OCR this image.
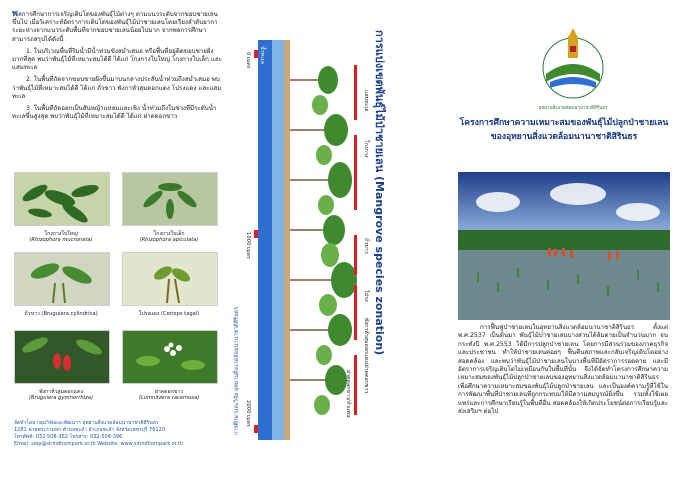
พลการศึกษาการเจริญเติบโตของพันธุ์ไม้ต่างๆ ตามแนวระดับจากขอบชายเลนขึ้นไป เมื่อวิเคราะห์อัตราการเติบโตของพันธุ์ไม้ป่าชายเลนโดยเรียงลำดับอาการะยะห่างจากแนวระดับพื้นที่จากขอบชายเลนน้อยไปมาก จากพลการศึกษาสามารถสรุปได้ดังนี้

1. ในบริเวณพื้นที่ริมน้ำมีน้ำท่วมขังสม่ำเสมอ หรือพื้นที่อยู่ติดขอบชายฝั่งมากที่สุด พบว่าพันธุ์ไม้ที่เหมาะสมได้ดี ได้แก่ โกงกางใบใหญ่ โกงกางใบเล็ก และแสมทะเล

2. ในพื้นที่ถัดจากขอบชายฝั่งขึ้นมาบนกลางประสันน้ำท่วมถึงสม่ำเสมอ พบว่าพันธุ์ไม้ที่เหมาะสมได้ดี ได้แก่ ถั่วขาว พังกาหัวสุมดอกแดง โปรงแดง และแสมทะเล

3. ในพื้นที่ถัดออกเป็นสันหญ้าแหลมและเชิง น้ำท่วมถึงในช่วงที่มีระดับน้ำทะเลขึ้นสูงสุด พบว่าพันธุ์ไม้ที่เหมาะสมได้ดี ได้แก่ ฝาดดอกขาว

โกงกางใบใหญ่
(Rhizophora mucronata)
โกงกางใบเล็ก
(Rhizophora apiculata)
ถั่วขาว (Bruguiera cylindrica)	โปรงแดง (Ceriops tagal)
พังกาหัวสุมดอกแดง
(Bruguiera gymnorrhiza)
ฝาดดอกขาว
(Lumnitzera racemosa)
จัดทำโดย กลุ่มวิจัยและพัฒนาฯ อุทยานสิ่งแวดล้อมนานาชาติสิรินธร
1281 ค่ายพระรามหก ตำบลชะอำ อำเภอชะอำ จังหวัดเพชรบุรี 76120
โทรศัพท์: 032-508-352 โทรสาร: 032-508-396
Email: siep@sirindhornpark.or.th Website: www.sirindhornpark.or.th
การแบ่งเขตพันธุ์ไม้ป่าชายเลน (Mangrove species zonation)
การศึกษาและวิจัย อุทยานสิ่งแวดล้อมนานาชาติสิรินธร
แสมทะเล
โกงกาง
ถั่วขาว
โปรง
พังกาหัวสุมดอกแดง/ฝาดดอกขาว
ฝาดดอกขาว/ลำแพน
0 เมตร
1000 เมตร
2000 เมตร
น้ำทะเล
อุทยานสิ่งแวดล้อมนานาชาติสิรินธร
โครงการศึกษาความเหมาะสมของพันธุ์ไม้ปลูกป่าชายเลน
ของอุทยานสิ่งแวดล้อมนานาชาติสิรินธร
การฟื้นฟูป่าชายเลนในอุทยานสิ่งแวดล้อมนานาชาติสิรินธร ตั้งแต่ พ.ศ.2537 เป็นต้นมา พันธุ์ไม้ป่าชายเลนบางส่วนได้ล้มตายเป็นจำนวนมาก จนกระทั่งปี พ.ศ.2553 ได้มีการปลูกป่าชายเลน โดยการมีส่วนร่วมของภาคธุรกิจและประชาชน ทำให้ป่าชายเลนค่อยๆ ฟื้นคืนสภาพและกลับเจริญเติบโตอย่างสอดคล้อง และพบว่าพันธุ์ไม้ป่าชายเลนในบางพื้นที่มีอัตราการรอดตาย และมีอัตราการเจริญเติบโตไม่เหมือนกันในพื้นที่นั้น จึงได้จัดทำโครงการศึกษาความเหมาะสมของพันธุ์ไม้ปลูกป่าชายเลนของอุทยานสิ่งแวดล้อมนานาชาติสิรินธร เพื่อศึกษาความเหมาะสมของพันธุ์ไม้ปลูกป่าชายเลน และเป็นองค์ความรู้ที่ใช้ในการพัฒนาพื้นที่ป่าชายเลนที่ถูกกระทบมให้มีความสมบูรณ์ยิ่งขึ้น รวมทั้งใช้เผยแพร่และการศึกษาเรียนรู้ในพื้นที่อื่น สอดคล้องให้เกิดประโยชน์ต่อการเรียนรู้และส่งเสริมฯ ต่อไป
